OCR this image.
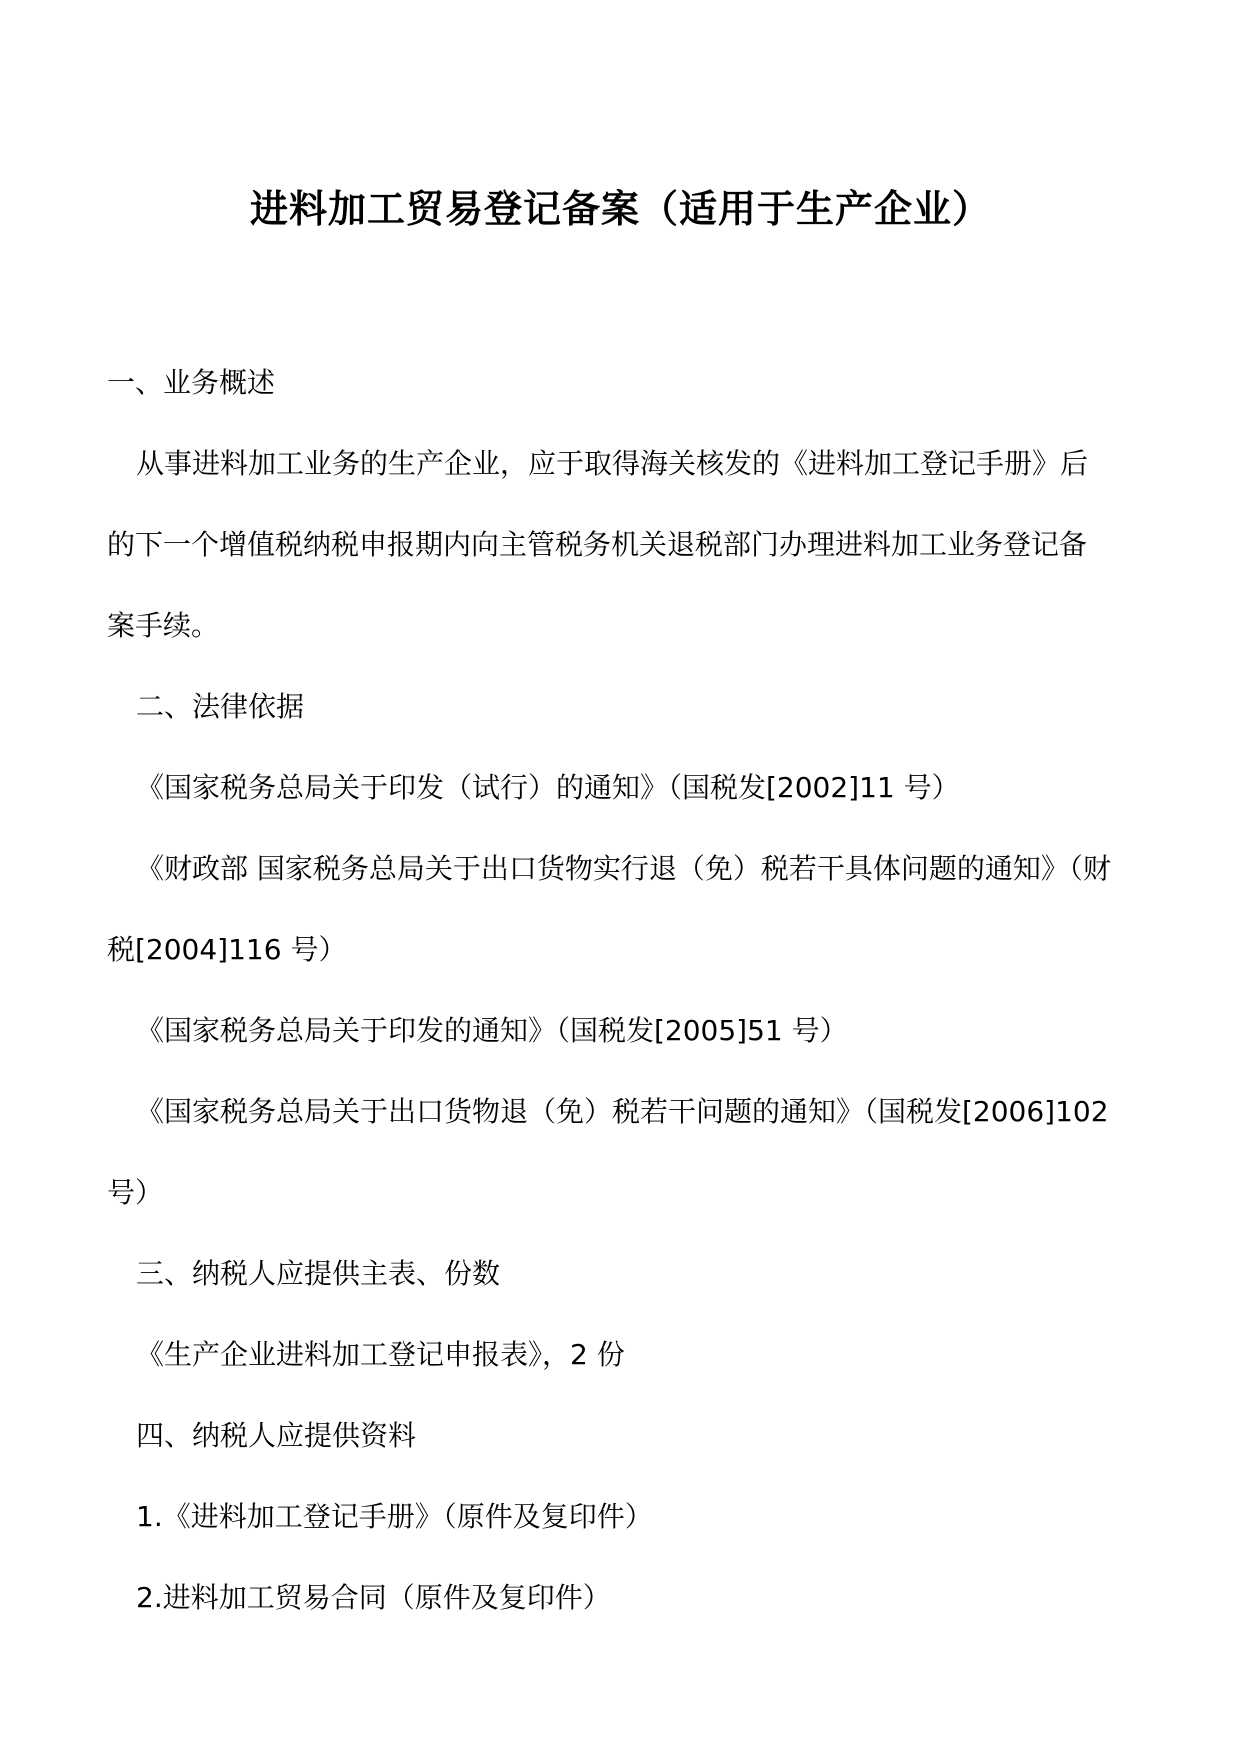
进料加工贸易登记备案（适用于生产企业）

一、业务概述

从事进料加工业务的生产企业，应于取得海关核发的《进料加工登记手册》后

的下一个增值税纳税申报期内向主管税务机关退税部门办理进料加工业务登记备

案手续。

二、法律依据

《国家税务总局关于印发（试行）的通知》（国税发[2002]11 号）

《财政部 国家税务总局关于出口货物实行退（免）税若干具体问题的通知》（财

税[2004]116 号）

《国家税务总局关于印发的通知》（国税发[2005]51 号）

《国家税务总局关于出口货物退（免）税若干问题的通知》（国税发[2006]102

号）

三、纳税人应提供主表、份数

《生产企业进料加工登记申报表》，2 份

四、纳税人应提供资料

1.《进料加工登记手册》（原件及复印件）

2.进料加工贸易合同（原件及复印件）
